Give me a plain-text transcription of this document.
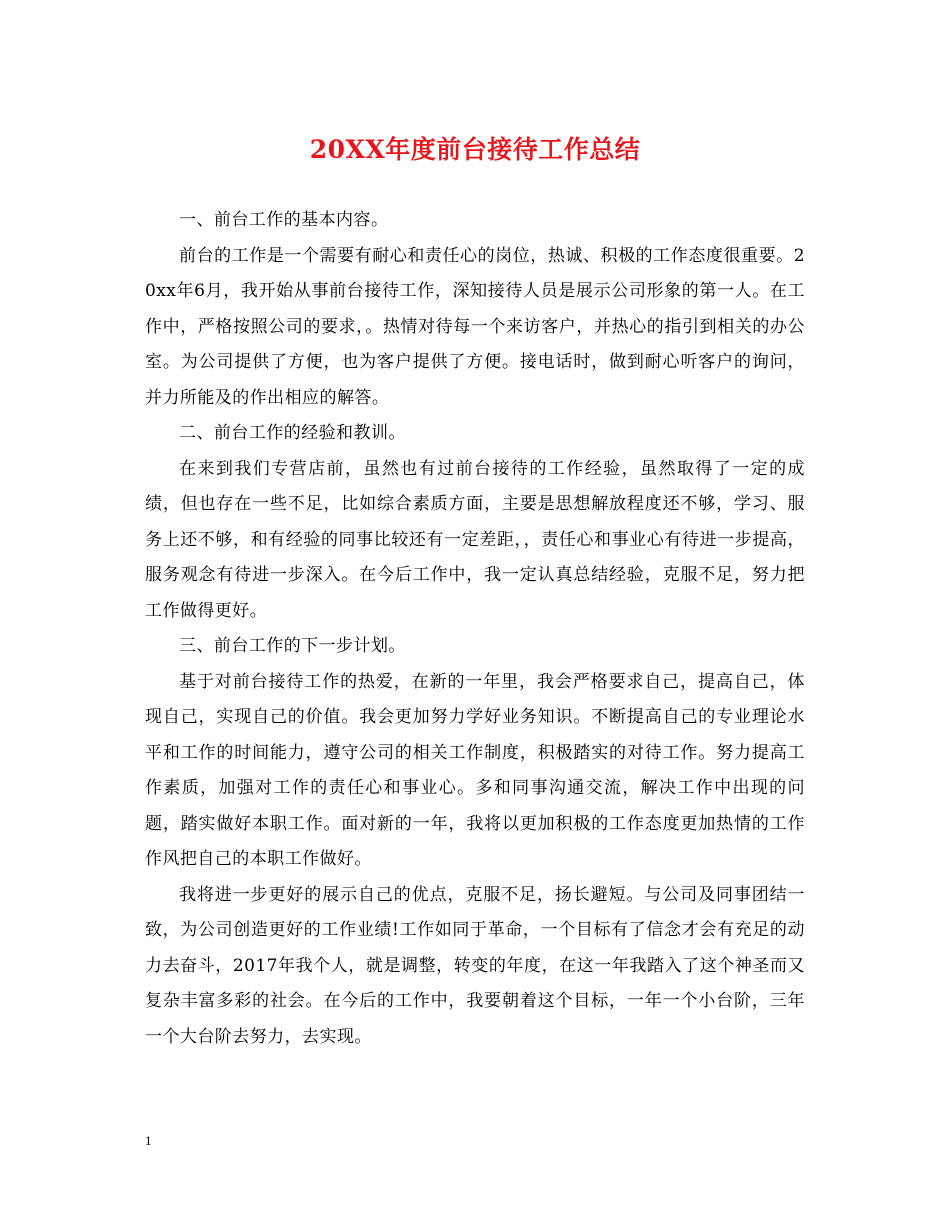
20XX年度前台接待工作总结

一、前台工作的基本内容。

前台的工作是一个需要有耐心和责任心的岗位，热诚、积极的工作态度很重要。20xx年6月，我开始从事前台接待工作，深知接待人员是展示公司形象的第一人。在工作中，严格按照公司的要求，。热情对待每一个来访客户，并热心的指引到相关的办公室。为公司提供了方便，也为客户提供了方便。接电话时，做到耐心听客户的询问，并力所能及的作出相应的解答。

二、前台工作的经验和教训。

在来到我们专营店前，虽然也有过前台接待的工作经验，虽然取得了一定的成绩，但也存在一些不足，比如综合素质方面，主要是思想解放程度还不够，学习、服务上还不够，和有经验的同事比较还有一定差距，，责任心和事业心有待进一步提高，服务观念有待进一步深入。在今后工作中，我一定认真总结经验，克服不足，努力把工作做得更好。

三、前台工作的下一步计划。

基于对前台接待工作的热爱，在新的一年里，我会严格要求自己，提高自己，体现自己，实现自己的价值。我会更加努力学好业务知识。不断提高自己的专业理论水平和工作的时间能力，遵守公司的相关工作制度，积极踏实的对待工作。努力提高工作素质，加强对工作的责任心和事业心。多和同事沟通交流，解决工作中出现的问题，踏实做好本职工作。面对新的一年，我将以更加积极的工作态度更加热情的工作作风把自己的本职工作做好。

我将进一步更好的展示自己的优点，克服不足，扬长避短。与公司及同事团结一致，为公司创造更好的工作业绩!工作如同于革命，一个目标有了信念才会有充足的动力去奋斗，2017年我个人，就是调整，转变的年度，在这一年我踏入了这个神圣而又复杂丰富多彩的社会。在今后的工作中，我要朝着这个目标，一年一个小台阶，三年一个大台阶去努力，去实现。

1
